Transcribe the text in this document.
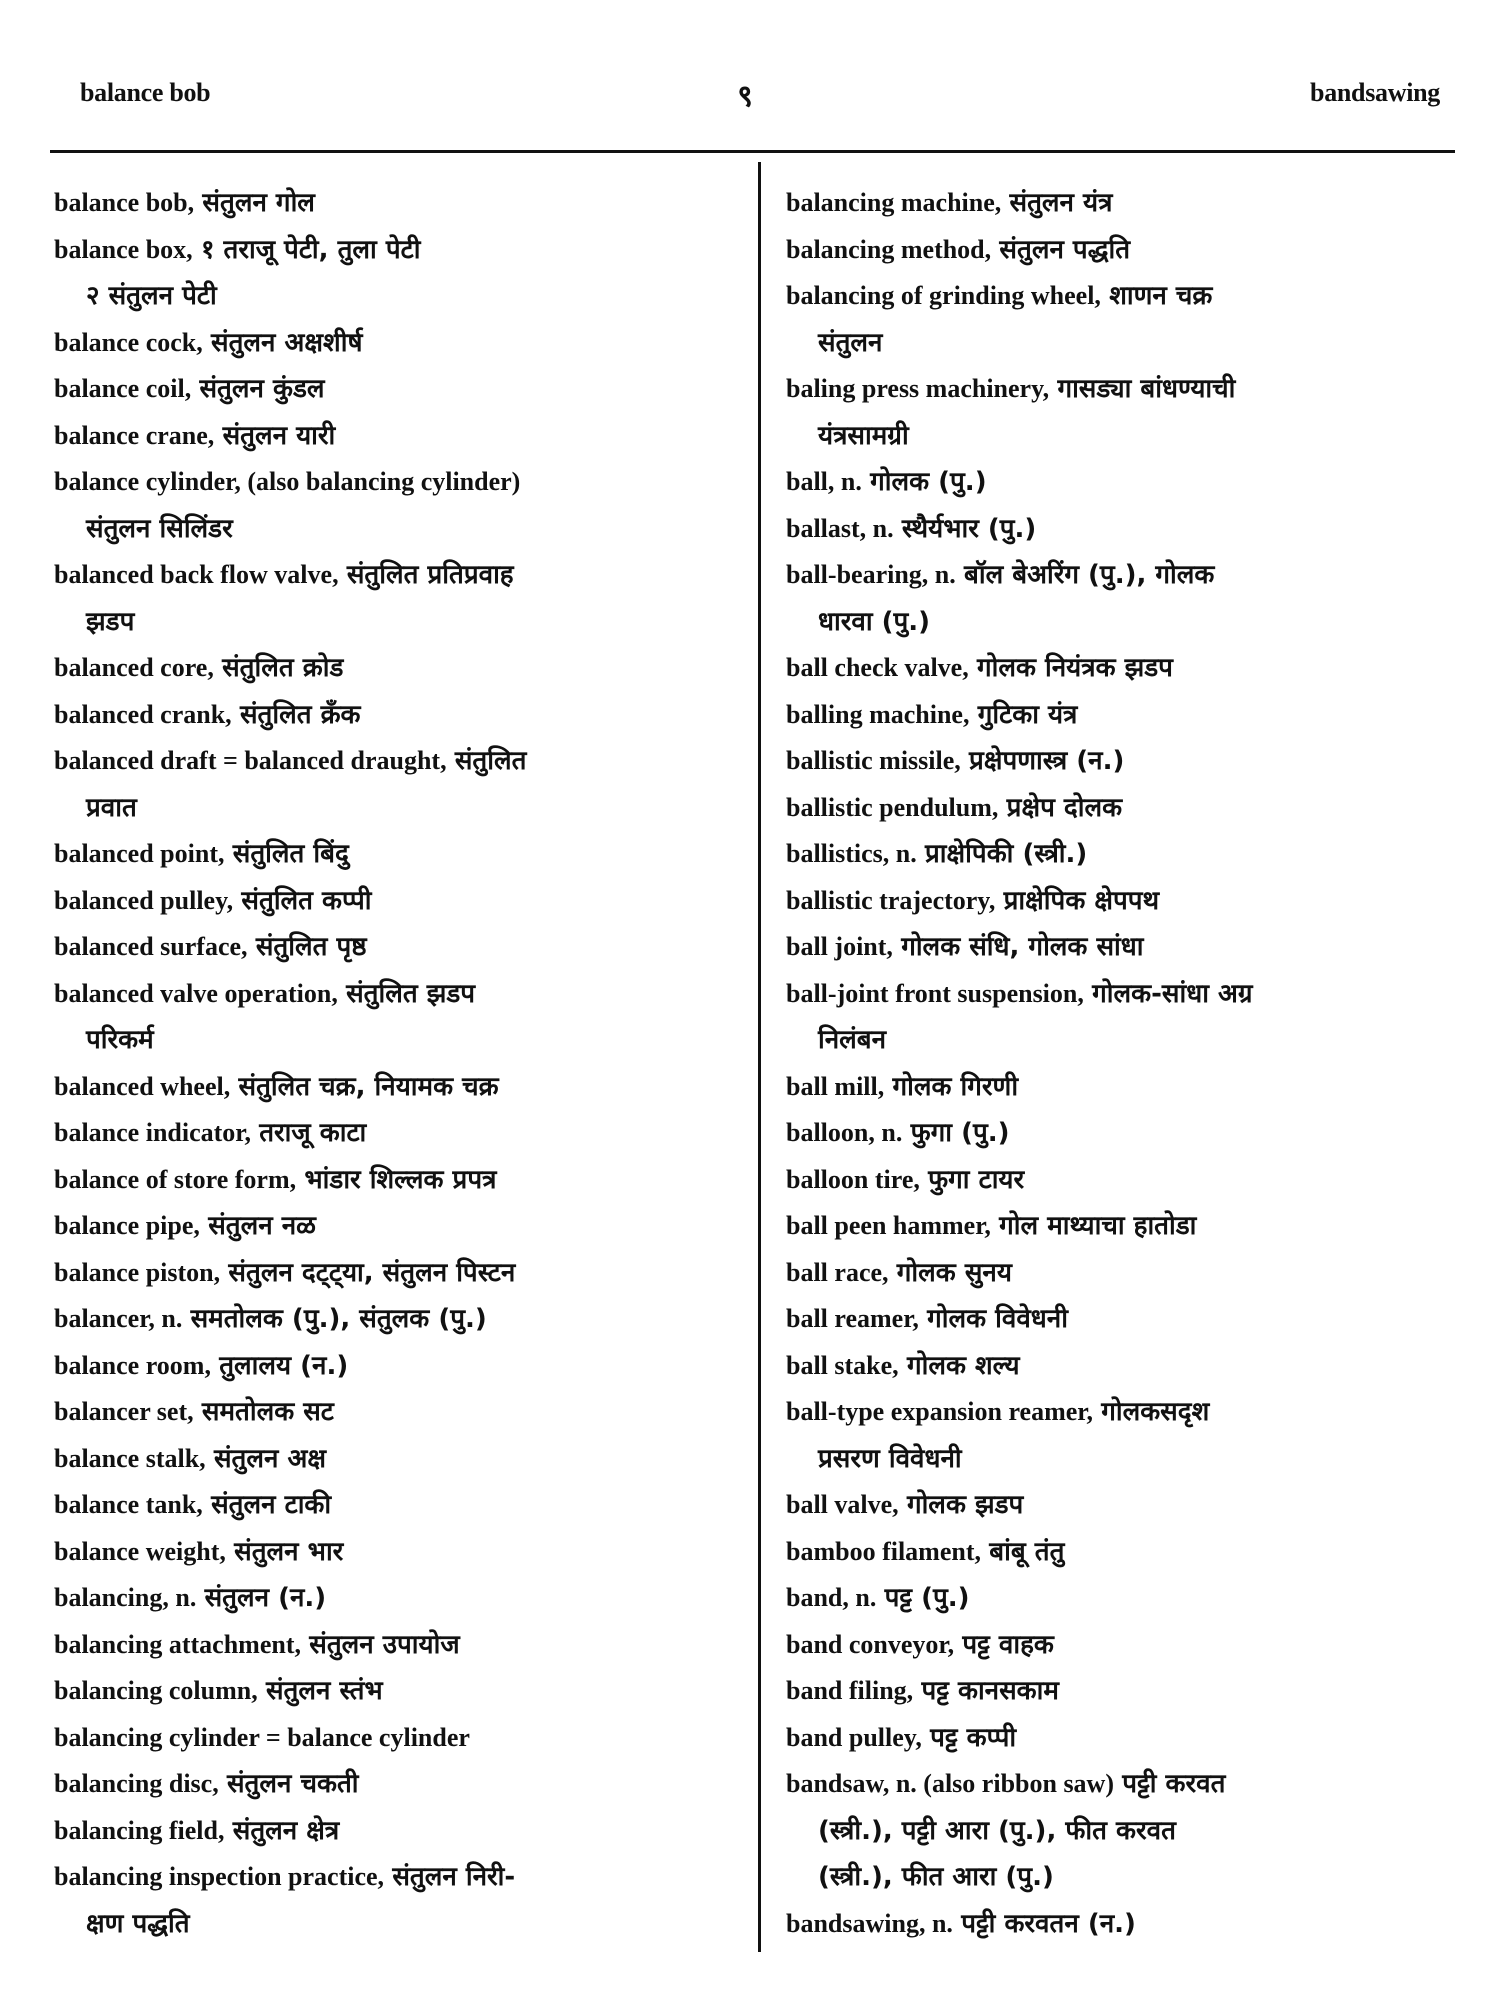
balance bob	९	bandsawing
balance bob, संतुलन गोल
balance box, १ तराजू पेटी, तुला पेटी
२ संतुलन पेटी
balance cock, संतुलन अक्षशीर्ष
balance coil, संतुलन कुंडल
balance crane, संतुलन यारी
balance cylinder, (also balancing cylinder)
संतुलन सिलिंडर
balanced back flow valve, संतुलित प्रतिप्रवाह
झडप
balanced core, संतुलित क्रोड
balanced crank, संतुलित क्रँक
balanced draft = balanced draught, संतुलित
प्रवात
balanced point, संतुलित बिंदु
balanced pulley, संतुलित कप्पी
balanced surface, संतुलित पृष्ठ
balanced valve operation, संतुलित झडप
परिकर्म
balanced wheel, संतुलित चक्र, नियामक चक्र
balance indicator, तराजू काटा
balance of store form, भांडार शिल्लक प्रपत्र
balance pipe, संतुलन नळ
balance piston, संतुलन दट्ट्या, संतुलन पिस्टन
balancer, n. समतोलक (पु.), संतुलक (पु.)
balance room, तुलालय (न.)
balancer set, समतोलक सट
balance stalk, संतुलन अक्ष
balance tank, संतुलन टाकी
balance weight, संतुलन भार
balancing, n. संतुलन (न.)
balancing attachment, संतुलन उपायोज
balancing column, संतुलन स्तंभ
balancing cylinder = balance cylinder
balancing disc, संतुलन चकती
balancing field, संतुलन क्षेत्र
balancing inspection practice, संतुलन निरी-
क्षण पद्धति
balancing machine, संतुलन यंत्र
balancing method, संतुलन पद्धति
balancing of grinding wheel, शाणन चक्र
संतुलन
baling press machinery, गासड्या बांधण्याची
यंत्रसामग्री
ball, n. गोलक (पु.)
ballast, n. स्थैर्यभार (पु.)
ball-bearing, n. बॉल बेअरिंग (पु.), गोलक
धारवा (पु.)
ball check valve, गोलक नियंत्रक झडप
balling machine, गुटिका यंत्र
ballistic missile, प्रक्षेपणास्त्र (न.)
ballistic pendulum, प्रक्षेप दोलक
ballistics, n. प्राक्षेपिकी (स्त्री.)
ballistic trajectory, प्राक्षेपिक क्षेपपथ
ball joint, गोलक संधि, गोलक सांधा
ball-joint front suspension, गोलक-सांधा अग्र
निलंबन
ball mill, गोलक गिरणी
balloon, n. फुगा (पु.)
balloon tire, फुगा टायर
ball peen hammer, गोल माथ्याचा हातोडा
ball race, गोलक सुनय
ball reamer, गोलक विवेधनी
ball stake, गोलक शल्य
ball-type expansion reamer, गोलकसदृश
प्रसरण विवेधनी
ball valve, गोलक झडप
bamboo filament, बांबू तंतु
band, n. पट्ट (पु.)
band conveyor, पट्ट वाहक
band filing, पट्ट कानसकाम
band pulley, पट्ट कप्पी
bandsaw, n. (also ribbon saw) पट्टी करवत
(स्त्री.), पट्टी आरा (पु.), फीत करवत
(स्त्री.), फीत आरा (पु.)
bandsawing, n. पट्टी करवतन (न.)
